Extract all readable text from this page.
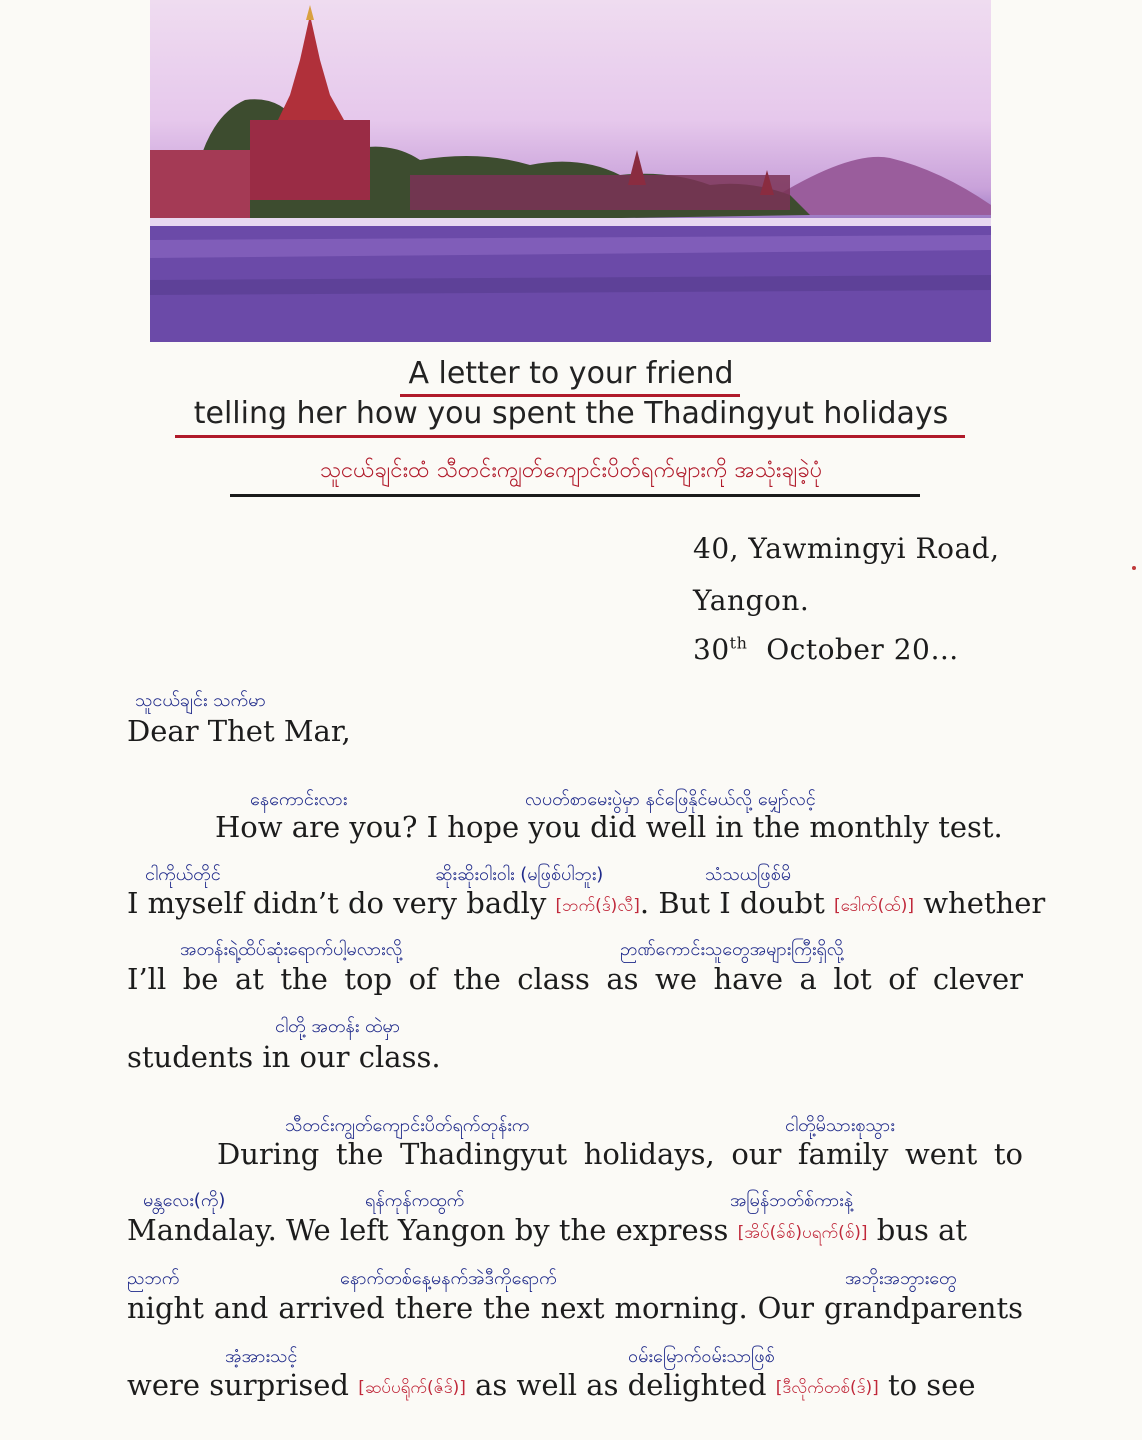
A letter to your friend
telling her how you spent the Thadingyut holidays
သူငယ်ချင်းထံ သီတင်းကျွတ်ကျောင်းပိတ်ရက်များကို အသုံးချခဲ့ပုံ
40, Yawmingyi Road,
Yangon.
30th October 20…
သူငယ်ချင်း သက်မာ
Dear Thet Mar,
နေကောင်းလား	လပတ်စာမေးပွဲမှာ နင်ဖြေနိုင်မယ်လို့ မျှော်လင့်
How are you? I hope you did well in the monthly test.
ငါကိုယ်တိုင်	ဆိုးဆိုးဝါးဝါး (မဖြစ်ပါဘူး)	သံသယဖြစ်မိ
I myself didn’t do very badly [ဘက်(ဒ်)လီ]. But I doubt [ဒေါက်(ထ်)] whether
အတန်းရဲ့ထိပ်ဆုံးရောက်ပါ့မလားလို့	ဉာဏ်ကောင်းသူတွေအများကြီးရှိလို့
I’ll be at the top of the class as we have a lot of clever
ငါတို့ အတန်း ထဲမှာ
students in our class.
သီတင်းကျွတ်ကျောင်းပိတ်ရက်တုန်းက	ငါတို့မိသားစုသွား
During the Thadingyut holidays, our family went to
မန္တလေး(ကို)	ရန်ကုန်ကထွက်	အမြန်ဘတ်စ်ကားနဲ့
Mandalay. We left Yangon by the express [အိပ်(ခ်စ်)ပရက်(စ်)] bus at
ညဘက်	နောက်တစ်နေ့မနက်အဲဒီကိုရောက်	အဘိုးအဘွားတွေ
night and arrived there the next morning. Our grandparents
အံ့အားသင့်	ဝမ်းမြောက်ဝမ်းသာဖြစ်
were surprised [ဆပ်ပရိုက်(ဇ်ဒ်)] as well as delighted [ဒီလိုက်တစ်(ဒ်)] to see
